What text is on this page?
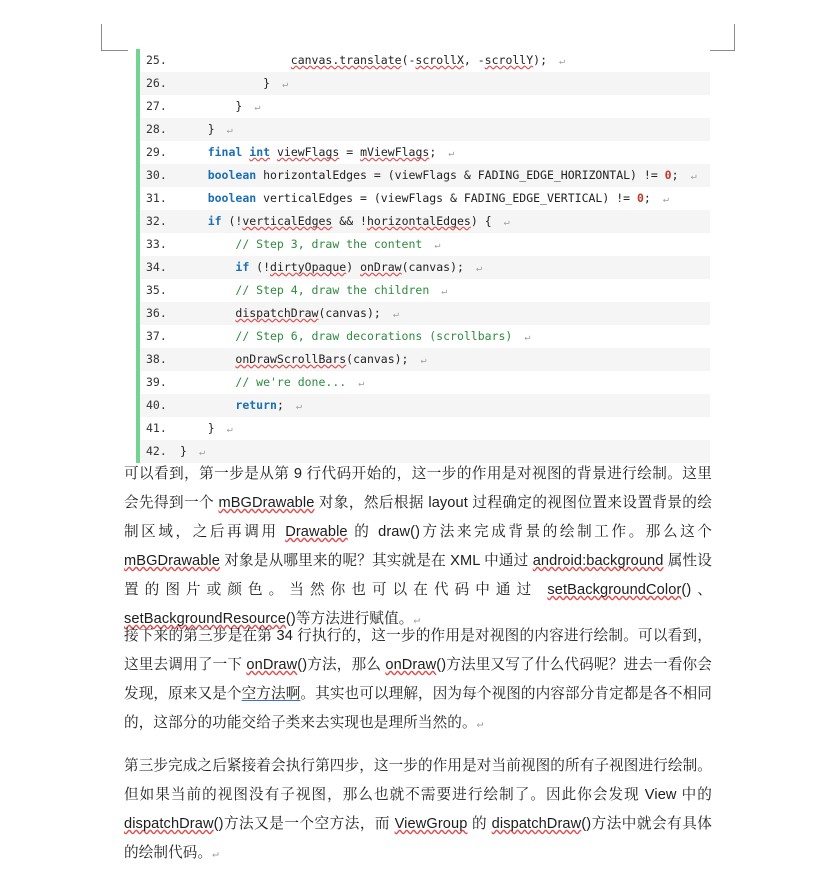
25.	canvas.translate(-scrollX, -scrollY);  ↵
26.	}  ↵
27.	}  ↵
28.	}  ↵
29.	final int viewFlags = mViewFlags;  ↵
30.	boolean horizontalEdges = (viewFlags & FADING_EDGE_HORIZONTAL) != 0;  ↵
31.	boolean verticalEdges = (viewFlags & FADING_EDGE_VERTICAL) != 0;  ↵
32.	if (!verticalEdges && !horizontalEdges) {  ↵
33.	// Step 3, draw the content  ↵
34.	if (!dirtyOpaque) onDraw(canvas);  ↵
35.	// Step 4, draw the children  ↵
36.	dispatchDraw(canvas);  ↵
37.	// Step 6, draw decorations (scrollbars)  ↵
38.	onDrawScrollBars(canvas);  ↵
39.	// we're done...  ↵
40.	return;  ↵
41.	}  ↵
42. }  ↵
可以看到，第一步是从第 9 行代码开始的，这一步的作用是对视图的背景进行绘制。这里会先得到一个 mBGDrawable 对象，然后根据 layout 过程确定的视图位置来设置背景的绘制区域，之后再调用 Drawable 的 draw()方法来完成背景的绘制工作。那么这个 mBGDrawable 对象是从哪里来的呢？其实就是在 XML 中通过 android:background 属性设置的图片或颜色。当然你也可以在代码中通过 setBackgroundColor()、setBackgroundResource()等方法进行赋值。↵
接下来的第三步是在第 34 行执行的，这一步的作用是对视图的内容进行绘制。可以看到，这里去调用了一下 onDraw()方法，那么 onDraw()方法里又写了什么代码呢？进去一看你会发现，原来又是个空方法啊。其实也可以理解，因为每个视图的内容部分肯定都是各不相同的，这部分的功能交给子类来去实现也是理所当然的。↵
第三步完成之后紧接着会执行第四步，这一步的作用是对当前视图的所有子视图进行绘制。但如果当前的视图没有子视图，那么也就不需要进行绘制了。因此你会发现 View 中的 dispatchDraw()方法又是一个空方法，而 ViewGroup 的 dispatchDraw()方法中就会有具体的绘制代码。↵
